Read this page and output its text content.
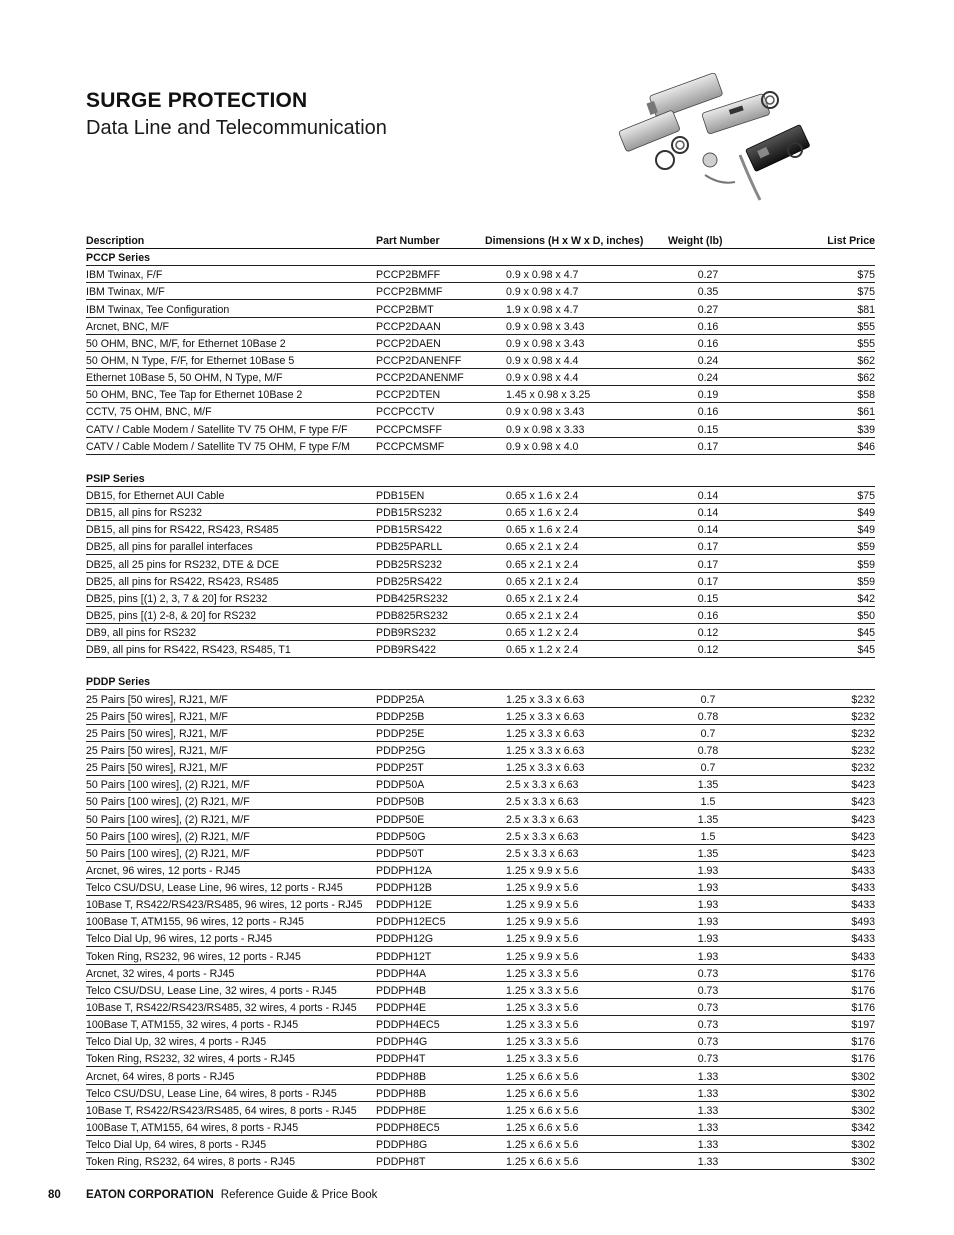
SURGE PROTECTION
Data Line and Telecommunication
Description	Part Number	Dimensions (H x W x D, inches)	Weight (lb)	List Price
PCCP Series
IBM Twinax, F/F	PCCP2BMFF	0.9 x 0.98 x 4.7	0.27	$75
IBM Twinax, M/F	PCCP2BMMF	0.9 x 0.98 x 4.7	0.35	$75
IBM Twinax, Tee Configuration	PCCP2BMT	1.9 x 0.98 x 4.7	0.27	$81
Arcnet, BNC, M/F	PCCP2DAAN	0.9 x 0.98 x 3.43	0.16	$55
50 OHM, BNC, M/F, for Ethernet 10Base 2	PCCP2DAEN	0.9 x 0.98 x 3.43	0.16	$55
50 OHM, N Type, F/F, for Ethernet 10Base 5	PCCP2DANENFF	0.9 x 0.98 x 4.4	0.24	$62
Ethernet 10Base 5, 50 OHM, N Type, M/F	PCCP2DANENMF	0.9 x 0.98 x 4.4	0.24	$62
50 OHM, BNC, Tee Tap for Ethernet 10Base 2	PCCP2DTEN	1.45 x 0.98 x 3.25	0.19	$58
CCTV, 75 OHM, BNC, M/F	PCCPCCTV	0.9 x 0.98 x 3.43	0.16	$61
CATV / Cable Modem / Satellite TV 75 OHM, F type F/F	PCCPCMSFF	0.9 x 0.98 x 3.33	0.15	$39
CATV / Cable Modem / Satellite TV 75 OHM, F type F/M	PCCPCMSMF	0.9 x 0.98 x 4.0	0.17	$46
PSIP Series
DB15, for Ethernet AUI Cable	PDB15EN	0.65 x 1.6 x 2.4	0.14	$75
DB15, all pins for RS232	PDB15RS232	0.65 x 1.6 x 2.4	0.14	$49
DB15, all pins for RS422, RS423, RS485	PDB15RS422	0.65 x 1.6 x 2.4	0.14	$49
DB25, all pins for parallel interfaces	PDB25PARLL	0.65 x 2.1 x 2.4	0.17	$59
DB25, all 25 pins for RS232, DTE & DCE	PDB25RS232	0.65 x 2.1 x 2.4	0.17	$59
DB25, all pins for RS422, RS423, RS485	PDB25RS422	0.65 x 2.1 x 2.4	0.17	$59
DB25, pins [(1) 2, 3, 7 & 20] for RS232	PDB425RS232	0.65 x 2.1 x 2.4	0.15	$42
DB25, pins [(1) 2-8, & 20] for RS232	PDB825RS232	0.65 x 2.1 x 2.4	0.16	$50
DB9, all pins for RS232	PDB9RS232	0.65 x 1.2 x 2.4	0.12	$45
DB9, all pins for RS422, RS423, RS485, T1	PDB9RS422	0.65 x 1.2 x 2.4	0.12	$45
PDDP Series
25 Pairs [50 wires], RJ21, M/F	PDDP25A	1.25 x 3.3 x 6.63	0.7	$232
25 Pairs [50 wires], RJ21, M/F	PDDP25B	1.25 x 3.3 x 6.63	0.78	$232
25 Pairs [50 wires], RJ21, M/F	PDDP25E	1.25 x 3.3 x 6.63	0.7	$232
25 Pairs [50 wires], RJ21, M/F	PDDP25G	1.25 x 3.3 x 6.63	0.78	$232
25 Pairs [50 wires], RJ21, M/F	PDDP25T	1.25 x 3.3 x 6.63	0.7	$232
50 Pairs [100 wires], (2) RJ21, M/F	PDDP50A	2.5 x 3.3 x 6.63	1.35	$423
50 Pairs [100 wires], (2) RJ21, M/F	PDDP50B	2.5 x 3.3 x 6.63	1.5	$423
50 Pairs [100 wires], (2) RJ21, M/F	PDDP50E	2.5 x 3.3 x 6.63	1.35	$423
50 Pairs [100 wires], (2) RJ21, M/F	PDDP50G	2.5 x 3.3 x 6.63	1.5	$423
50 Pairs [100 wires], (2) RJ21, M/F	PDDP50T	2.5 x 3.3 x 6.63	1.35	$423
Arcnet, 96 wires, 12 ports - RJ45	PDDPH12A	1.25 x 9.9 x 5.6	1.93	$433
Telco CSU/DSU, Lease Line, 96 wires, 12 ports - RJ45	PDDPH12B	1.25 x 9.9 x 5.6	1.93	$433
10Base T, RS422/RS423/RS485, 96 wires, 12 ports - RJ45	PDDPH12E	1.25 x 9.9 x 5.6	1.93	$433
100Base T, ATM155, 96 wires, 12 ports - RJ45	PDDPH12EC5	1.25 x 9.9 x 5.6	1.93	$493
Telco Dial Up, 96 wires, 12 ports - RJ45	PDDPH12G	1.25 x 9.9 x 5.6	1.93	$433
Token Ring, RS232, 96 wires, 12 ports - RJ45	PDDPH12T	1.25 x 9.9 x 5.6	1.93	$433
Arcnet, 32 wires, 4 ports - RJ45	PDDPH4A	1.25 x 3.3 x 5.6	0.73	$176
Telco CSU/DSU, Lease Line, 32 wires, 4 ports - RJ45	PDDPH4B	1.25 x 3.3 x 5.6	0.73	$176
10Base T, RS422/RS423/RS485, 32 wires, 4 ports - RJ45	PDDPH4E	1.25 x 3.3 x 5.6	0.73	$176
100Base T, ATM155, 32 wires, 4 ports - RJ45	PDDPH4EC5	1.25 x 3.3 x 5.6	0.73	$197
Telco Dial Up, 32 wires, 4 ports - RJ45	PDDPH4G	1.25 x 3.3 x 5.6	0.73	$176
Token Ring, RS232, 32 wires, 4 ports - RJ45	PDDPH4T	1.25 x 3.3 x 5.6	0.73	$176
Arcnet, 64 wires, 8 ports - RJ45	PDDPH8B	1.25 x 6.6 x 5.6	1.33	$302
Telco CSU/DSU, Lease Line, 64 wires, 8 ports - RJ45	PDDPH8B	1.25 x 6.6 x 5.6	1.33	$302
10Base T, RS422/RS423/RS485, 64 wires, 8 ports - RJ45	PDDPH8E	1.25 x 6.6 x 5.6	1.33	$302
100Base T, ATM155, 64 wires, 8 ports - RJ45	PDDPH8EC5	1.25 x 6.6 x 5.6	1.33	$342
Telco Dial Up, 64 wires, 8 ports - RJ45	PDDPH8G	1.25 x 6.6 x 5.6	1.33	$302
Token Ring, RS232, 64 wires, 8 ports - RJ45	PDDPH8T	1.25 x 6.6 x 5.6	1.33	$302
80	EATON CORPORATION Reference Guide & Price Book
